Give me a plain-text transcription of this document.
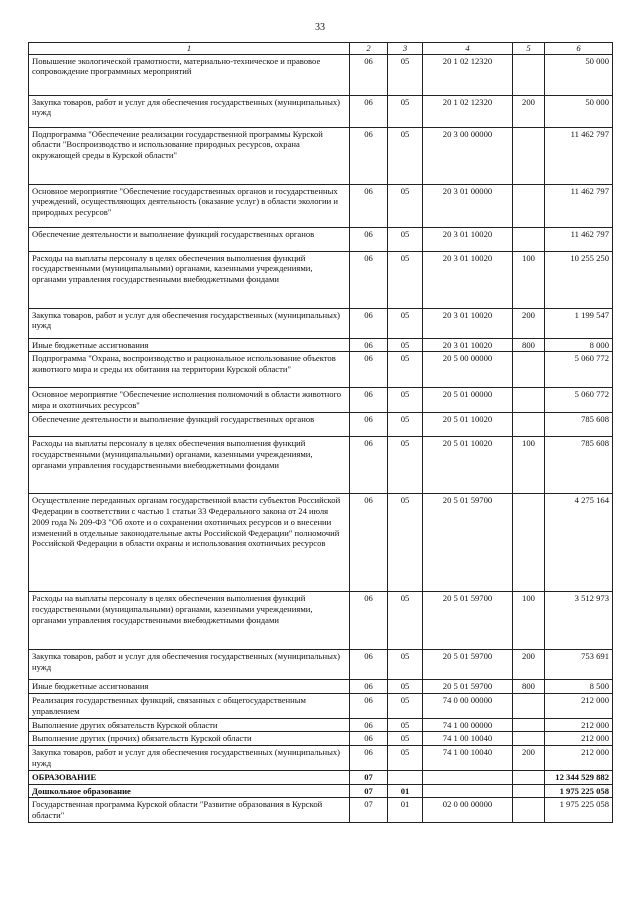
33
1	2	3	4	5	6
Повышение экологической грамотности, материально-техническое и правовое сопровождение программных мероприятий	06	05	20 1 02 12320		50 000
Закупка товаров, работ и услуг для обеспечения государственных (муниципальных) нужд	06	05	20 1 02 12320	200	50 000
Подпрограмма "Обеспечение реализации государственной программы Курской области "Воспроизводство и использование природных ресурсов, охрана окружающей среды в Курской области"	06	05	20 3 00 00000		11 462 797
Основное мероприятие "Обеспечение государственных органов и государственных учреждений, осуществляющих деятельность (оказание услуг) в области экологии и природных ресурсов"	06	05	20 3 01 00000		11 462 797
Обеспечение деятельности и выполнение функций государственных органов	06	05	20 3 01 10020		11 462 797
Расходы на выплаты персоналу в целях обеспечения выполнения функций государственными (муниципальными) органами, казенными учреждениями, органами управления государственными внебюджетными фондами	06	05	20 3 01 10020	100	10 255 250
Закупка товаров, работ и услуг для обеспечения государственных (муниципальных) нужд	06	05	20 3 01 10020	200	1 199 547
Иные бюджетные ассигнования	06	05	20 3 01 10020	800	8 000
Подпрограмма "Охрана, воспроизводство и рациональное использование объектов животного мира и среды их обитания на территории Курской области"	06	05	20 5 00 00000		5 060 772
Основное мероприятие "Обеспечение исполнения полномочий в области животного мира и охотничьих ресурсов"	06	05	20 5 01 00000		5 060 772
Обеспечение деятельности и выполнение функций государственных органов	06	05	20 5 01 10020		785 608
Расходы на выплаты персоналу в целях обеспечения выполнения функций государственными (муниципальными) органами, казенными учреждениями, органами управления государственными внебюджетными фондами	06	05	20 5 01 10020	100	785 608
Осуществление переданных органам государственной власти субъектов Российской Федерации в соответствии с частью 1 статьи 33 Федерального закона от 24 июля 2009 года № 209-ФЗ "Об охоте и о сохранении охотничьих ресурсов и о внесении изменений в отдельные законодательные акты Российской Федерации" полномочий Российской Федерации в области охраны и использования охотничьих ресурсов	06	05	20 5 01 59700		4 275 164
Расходы на выплаты персоналу в целях обеспечения выполнения функций государственными (муниципальными) органами, казенными учреждениями, органами управления государственными внебюджетными фондами	06	05	20 5 01 59700	100	3 512 973
Закупка товаров, работ и услуг для обеспечения государственных (муниципальных) нужд	06	05	20 5 01 59700	200	753 691
Иные бюджетные ассигнования	06	05	20 5 01 59700	800	8 500
Реализация государственных функций, связанных с общегосударственным управлением	06	05	74 0 00 00000		212 000
Выполнение других обязательств Курской области	06	05	74 1 00 00000		212 000
Выполнение других (прочих) обязательств Курской области	06	05	74 1 00 10040		212 000
Закупка товаров, работ и услуг для обеспечения государственных (муниципальных) нужд	06	05	74 1 00 10040	200	212 000
ОБРАЗОВАНИЕ	07				12 344 529 882
Дошкольное образование	07	01			1 975 225 058
Государственная программа Курской области "Развитие образования в Курской области"	07	01	02 0 00 00000		1 975 225 058
